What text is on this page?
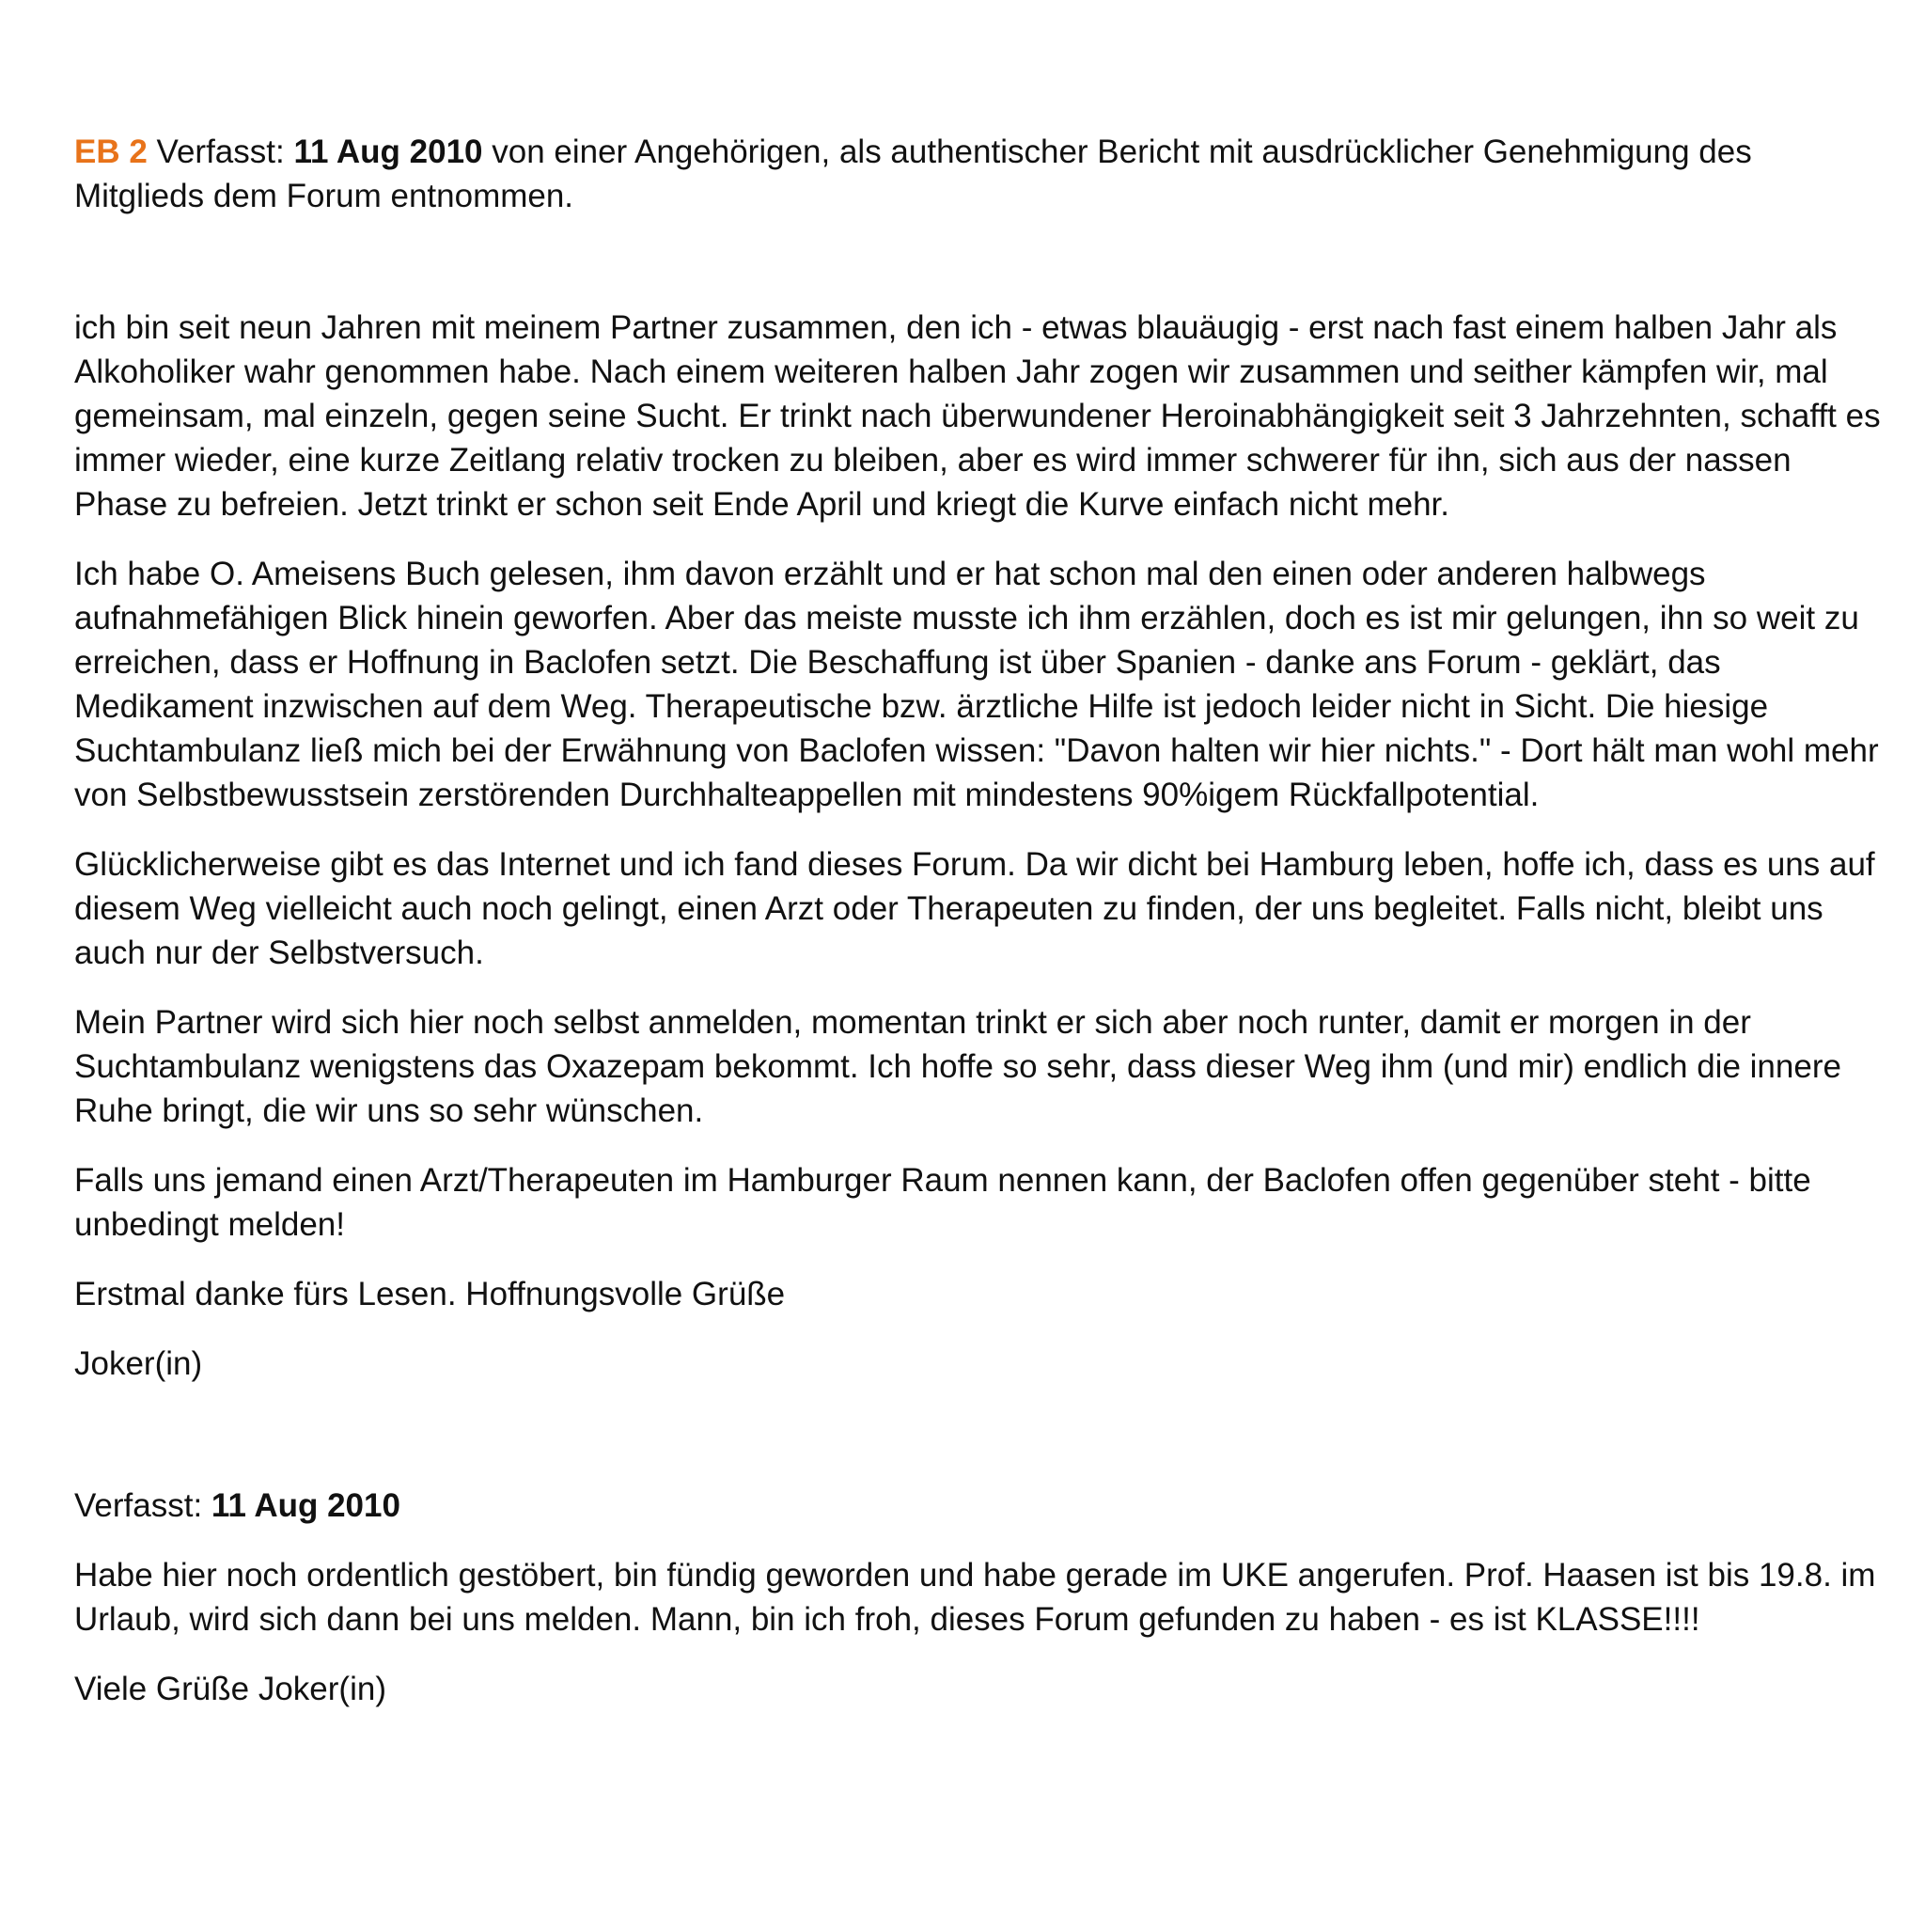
EB 2 Verfasst: 11 Aug 2010 von einer Angehörigen, als authentischer Bericht mit ausdrücklicher Genehmigung des Mitglieds dem Forum entnommen.

ich bin seit neun Jahren mit meinem Partner zusammen, den ich - etwas blauäugig - erst nach fast einem halben Jahr als Alkoholiker wahr genommen habe. Nach einem weiteren halben Jahr zogen wir zusammen und seither kämpfen wir, mal gemeinsam, mal einzeln, gegen seine Sucht. Er trinkt nach überwundener Heroinabhängigkeit seit 3 Jahrzehnten, schafft es immer wieder, eine kurze Zeitlang relativ trocken zu bleiben, aber es wird immer schwerer für ihn, sich aus der nassen Phase zu befreien. Jetzt trinkt er schon seit Ende April und kriegt die Kurve einfach nicht mehr.

Ich habe O. Ameisens Buch gelesen, ihm davon erzählt und er hat schon mal den einen oder anderen halbwegs aufnahmefähigen Blick hinein geworfen. Aber das meiste musste ich ihm erzählen, doch es ist mir gelungen, ihn so weit zu erreichen, dass er Hoffnung in Baclofen setzt. Die Beschaffung ist über Spanien - danke ans Forum - geklärt, das Medikament inzwischen auf dem Weg. Therapeutische bzw. ärztliche Hilfe ist jedoch leider nicht in Sicht. Die hiesige Suchtambulanz ließ mich bei der Erwähnung von Baclofen wissen: "Davon halten wir hier nichts." - Dort hält man wohl mehr von Selbstbewusstsein zerstörenden Durchhalteappellen mit mindestens 90%igem Rückfallpotential.

Glücklicherweise gibt es das Internet und ich fand dieses Forum. Da wir dicht bei Hamburg leben, hoffe ich, dass es uns auf diesem Weg vielleicht auch noch gelingt, einen Arzt oder Therapeuten zu finden, der uns begleitet. Falls nicht, bleibt uns auch nur der Selbstversuch.

Mein Partner wird sich hier noch selbst anmelden, momentan trinkt er sich aber noch runter, damit er morgen in der Suchtambulanz wenigstens das Oxazepam bekommt. Ich hoffe so sehr, dass dieser Weg ihm (und mir) endlich die innere Ruhe bringt, die wir uns so sehr wünschen.

Falls uns jemand einen Arzt/Therapeuten im Hamburger Raum nennen kann, der Baclofen offen gegenüber steht - bitte unbedingt melden!

Erstmal danke fürs Lesen. Hoffnungsvolle Grüße

Joker(in)

Verfasst: 11 Aug 2010

Habe hier noch ordentlich gestöbert, bin fündig geworden und habe gerade im UKE angerufen. Prof. Haasen ist bis 19.8. im Urlaub, wird sich dann bei uns melden. Mann, bin ich froh, dieses Forum gefunden zu haben - es ist KLASSE!!!!

Viele Grüße Joker(in)
